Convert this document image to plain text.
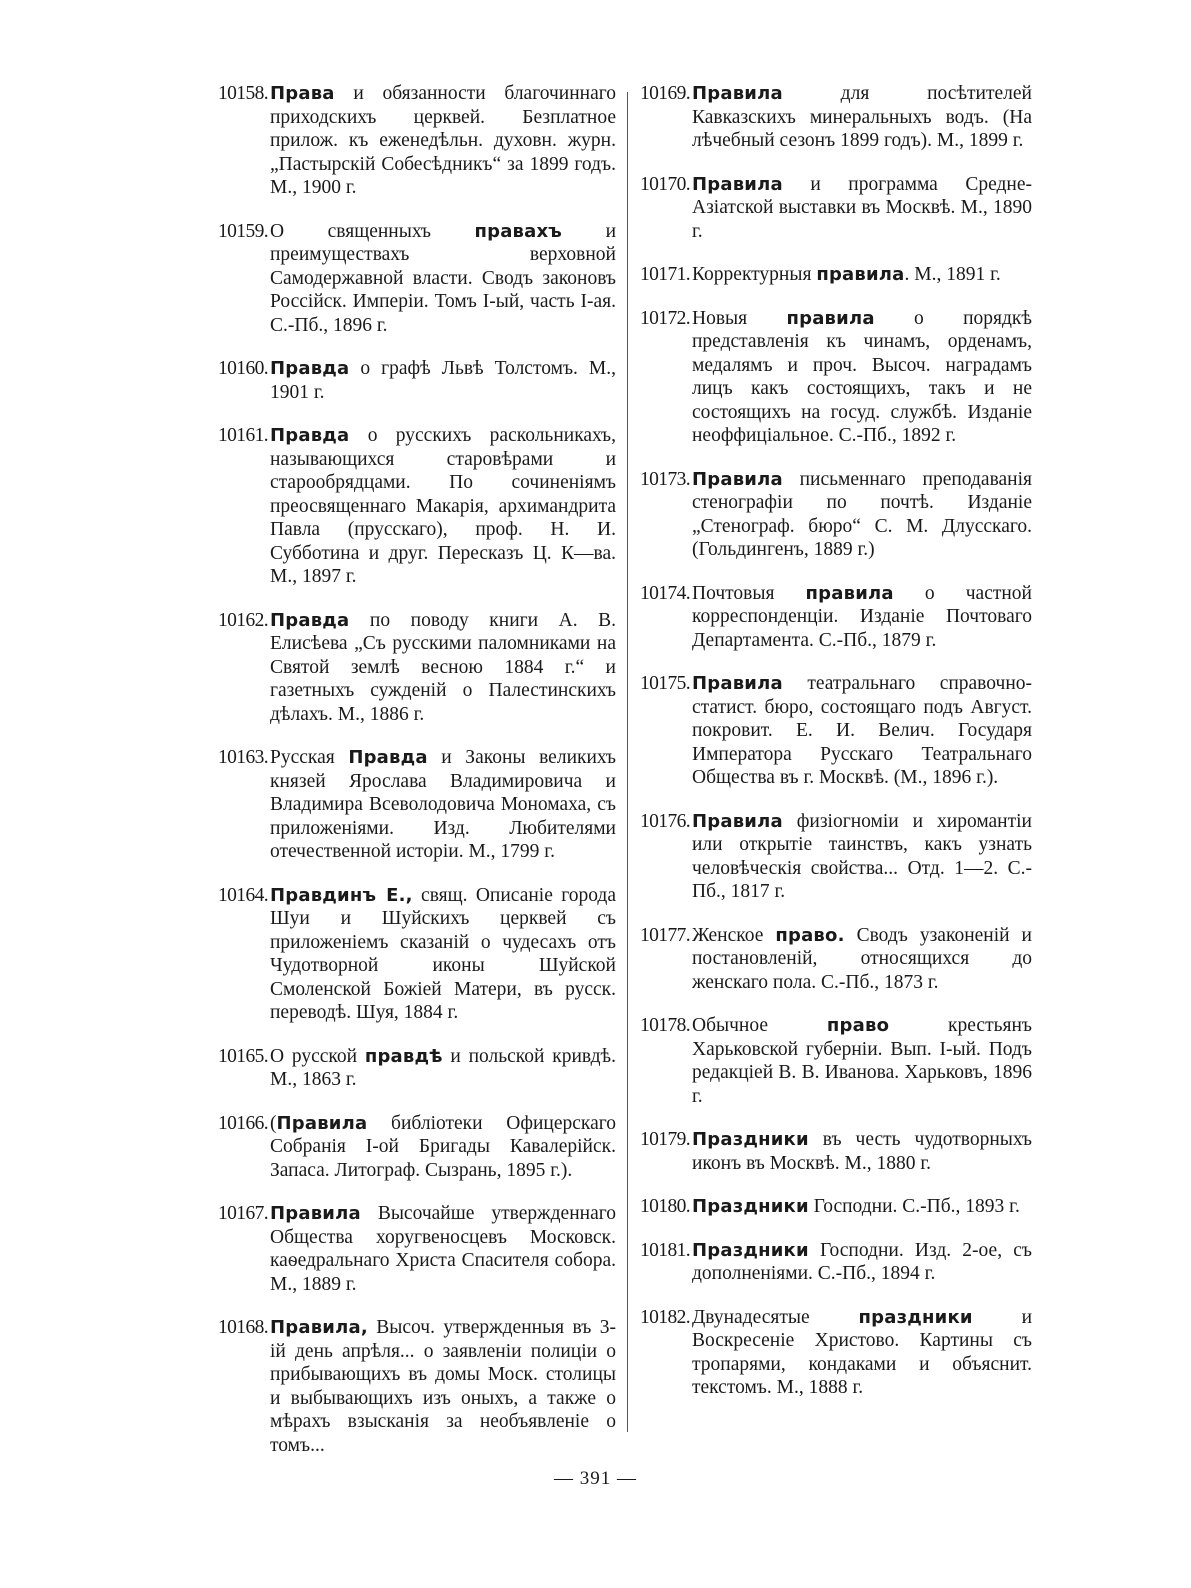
10158. Права и обязанности благочиннаго приходскихъ церквей. Безплатное прилож. къ еженедѣльн. духовн. журн. „Пастырскій Собесѣдникъ“ за 1899 годъ. М., 1900 г.
10159. О священныхъ правахъ и преимуществахъ верховной Самодержавной власти. Сводъ законовъ Россійск. Имперіи. Томъ I-ый, часть I-ая. С.-Пб., 1896 г.
10160. Правда о графѣ Львѣ Толстомъ. М., 1901 г.
10161. Правда о русскихъ раскольникахъ, называющихся старовѣрами и старообрядцами. По сочиненіямъ преосвященнаго Макарія, архимандрита Павла (прусскаго), проф. Н. И. Субботина и друг. Пересказъ Ц. К—ва. М., 1897 г.
10162. Правда по поводу книги А. В. Елисѣева „Съ русскими паломниками на Святой землѣ весною 1884 г.“ и газетныхъ сужденій о Палестинскихъ дѣлахъ. М., 1886 г.
10163. Русская Правда и Законы великихъ князей Ярослава Владимировича и Владимира Всеволодовича Мономаха, съ приложеніями. Изд. Любителями отечественной исторіи. М., 1799 г.
10164. Правдинъ Е., свящ. Описаніе города Шуи и Шуйскихъ церквей съ приложеніемъ сказаній о чудесахъ отъ Чудотворной иконы Шуйской Смоленской Божіей Матери, въ русск. переводѣ. Шуя, 1884 г.
10165. О русской правдѣ и польской кривдѣ. М., 1863 г.
10166. (Правила библіотеки Офицерскаго Собранія I-ой Бригады Кавалерійск. Запаса. Литограф. Сызрань, 1895 г.).
10167. Правила Высочайше утвержденнаго Общества хоругвеносцевъ Московск. каѳедральнаго Христа Спасителя собора. М., 1889 г.
10168. Правила, Высоч. утвержденныя въ 3-ій день апрѣля... о заявленіи полиціи о прибывающихъ въ домы Моск. столицы и выбывающихъ изъ оныхъ, а также о мѣрахъ взысканія за необъявленіе о томъ...
10169. Правила для посѣтителей Кавказскихъ минеральныхъ водъ. (На лѣчебный сезонъ 1899 годъ). М., 1899 г.
10170. Правила и программа Средне-Азіатской выставки въ Москвѣ. М., 1890 г.
10171. Корректурныя правила. М., 1891 г.
10172. Новыя правила о порядкѣ представленія къ чинамъ, орденамъ, медалямъ и проч. Высоч. наградамъ лицъ какъ состоящихъ, такъ и не состоящихъ на госуд. службѣ. Изданіе неоффиціальное. С.-Пб., 1892 г.
10173. Правила письменнаго преподаванія стенографіи по почтѣ. Изданіе „Стенограф. бюро“ С. М. Длусскаго. (Гольдингенъ, 1889 г.)
10174. Почтовыя правила о частной корреспонденціи. Изданіе Почтоваго Департамента. С.-Пб., 1879 г.
10175. Правила театральнаго справочно-статист. бюро, состоящаго подъ Август. покровит. Е. И. Велич. Государя Императора Русскаго Театральнаго Общества въ г. Москвѣ. (М., 1896 г.).
10176. Правила физіогноміи и хиромантіи или открытіе таинствъ, какъ узнать человѣческія свойства... Отд. 1—2. С.-Пб., 1817 г.
10177. Женское право. Сводъ узаконеній и постановленій, относящихся до женскаго пола. С.-Пб., 1873 г.
10178. Обычное право крестьянъ Харьковской губерніи. Вып. I-ый. Подъ редакціей В. В. Иванова. Харьковъ, 1896 г.
10179. Праздники въ честь чудотворныхъ иконъ въ Москвѣ. М., 1880 г.
10180. Праздники Господни. С.-Пб., 1893 г.
10181. Праздники Господни. Изд. 2-ое, съ дополненіями. С.-Пб., 1894 г.
10182. Двунадесятые праздники и Воскресеніе Христово. Картины съ тропарями, кондаками и объяснит. текстомъ. М., 1888 г.
— 391 —
